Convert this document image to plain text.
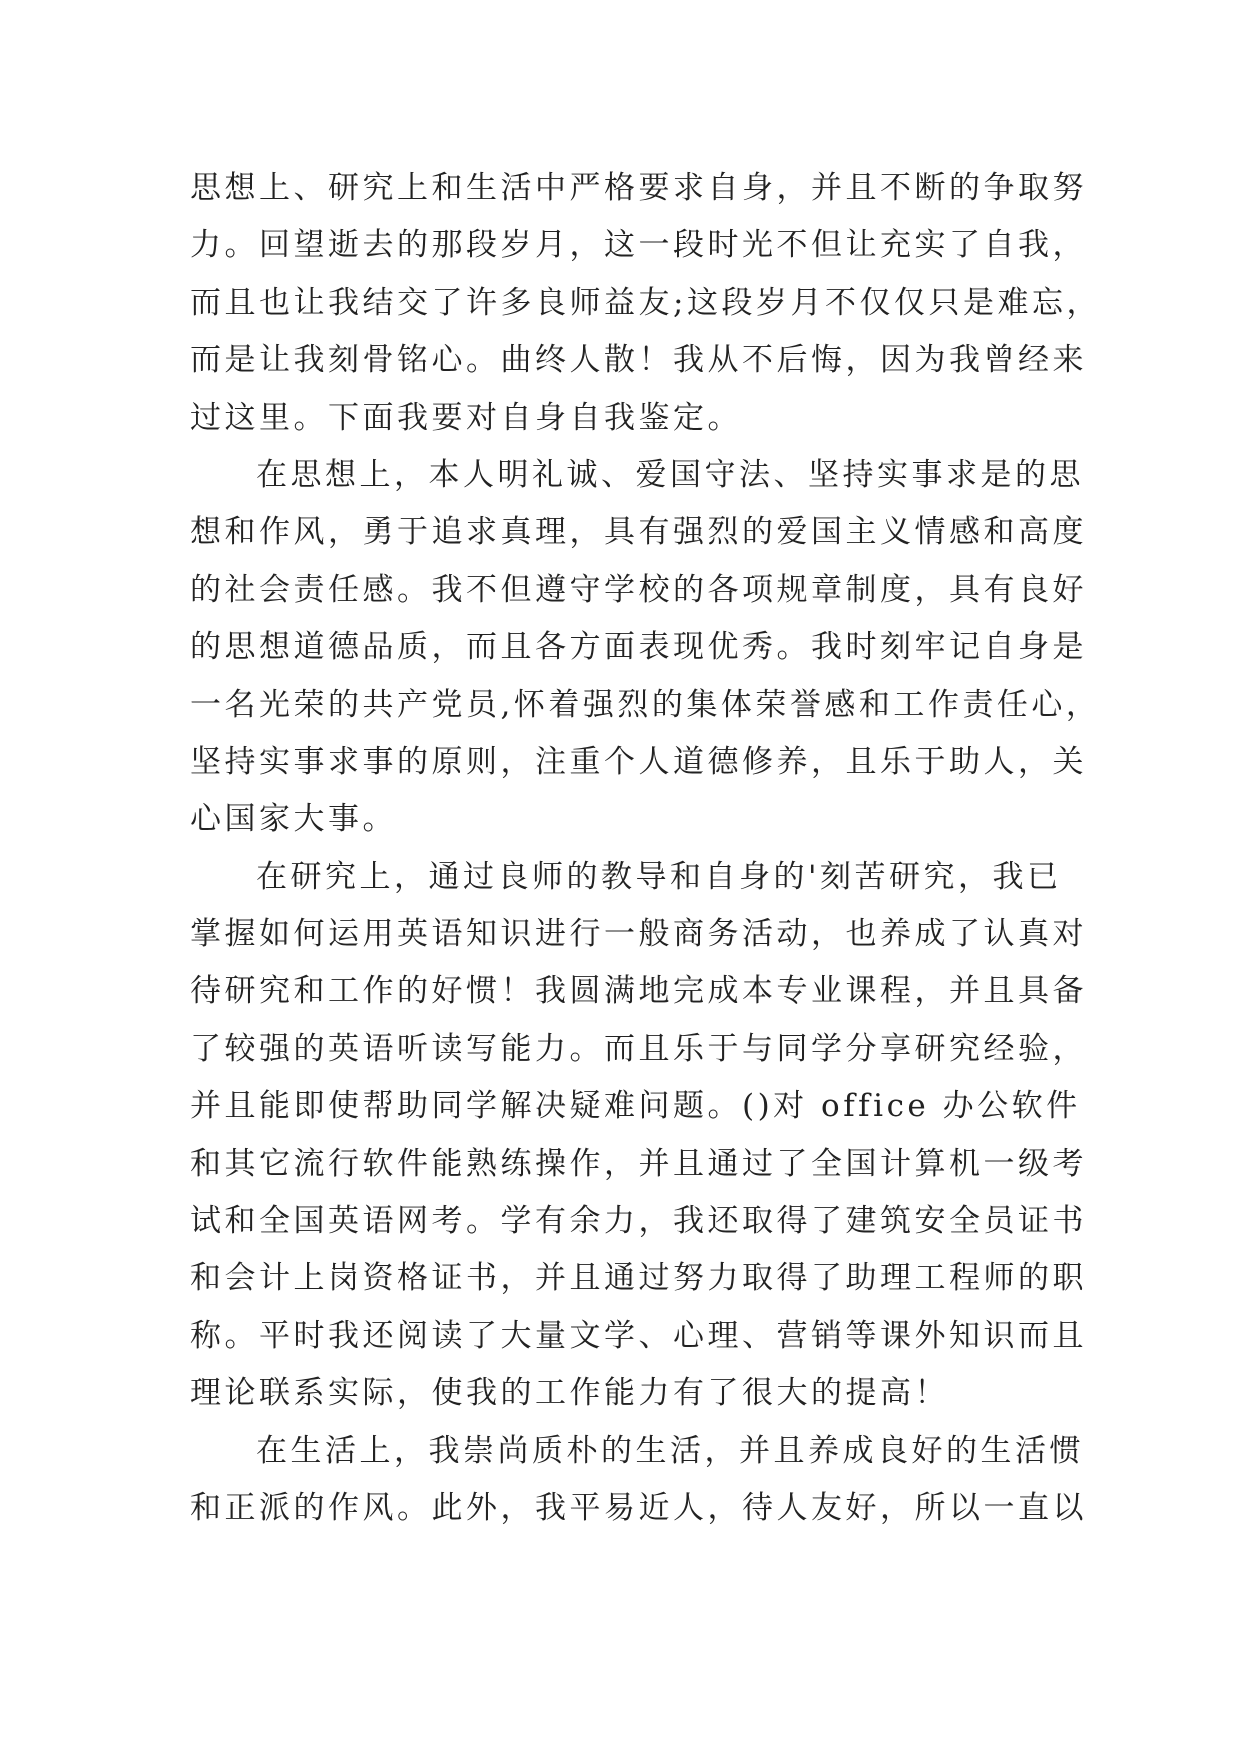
思想上、研究上和生活中严格要求自身，并且不断的争取努
力。回望逝去的那段岁月，这一段时光不但让充实了自我，
而且也让我结交了许多良师益友;这段岁月不仅仅只是难忘，
而是让我刻骨铭心。曲终人散！我从不后悔，因为我曾经来
过这里。下面我要对自身自我鉴定。
在思想上，本人明礼诚、爱国守法、坚持实事求是的思
想和作风，勇于追求真理，具有强烈的爱国主义情感和高度
的社会责任感。我不但遵守学校的各项规章制度，具有良好
的思想道德品质，而且各方面表现优秀。我时刻牢记自身是
一名光荣的共产党员,怀着强烈的集体荣誉感和工作责任心，
坚持实事求事的原则，注重个人道德修养，且乐于助人，关
心国家大事。
在研究上，通过良师的教导和自身的'刻苦研究，我已
掌握如何运用英语知识进行一般商务活动，也养成了认真对
待研究和工作的好惯！我圆满地完成本专业课程，并且具备
了较强的英语听读写能力。而且乐于与同学分享研究经验，
并且能即使帮助同学解决疑难问题。()对 office 办公软件
和其它流行软件能熟练操作，并且通过了全国计算机一级考
试和全国英语网考。学有余力，我还取得了建筑安全员证书
和会计上岗资格证书，并且通过努力取得了助理工程师的职
称。平时我还阅读了大量文学、心理、营销等课外知识而且
理论联系实际，使我的工作能力有了很大的提高！
在生活上，我崇尚质朴的生活，并且养成良好的生活惯
和正派的作风。此外，我平易近人，待人友好，所以一直以
